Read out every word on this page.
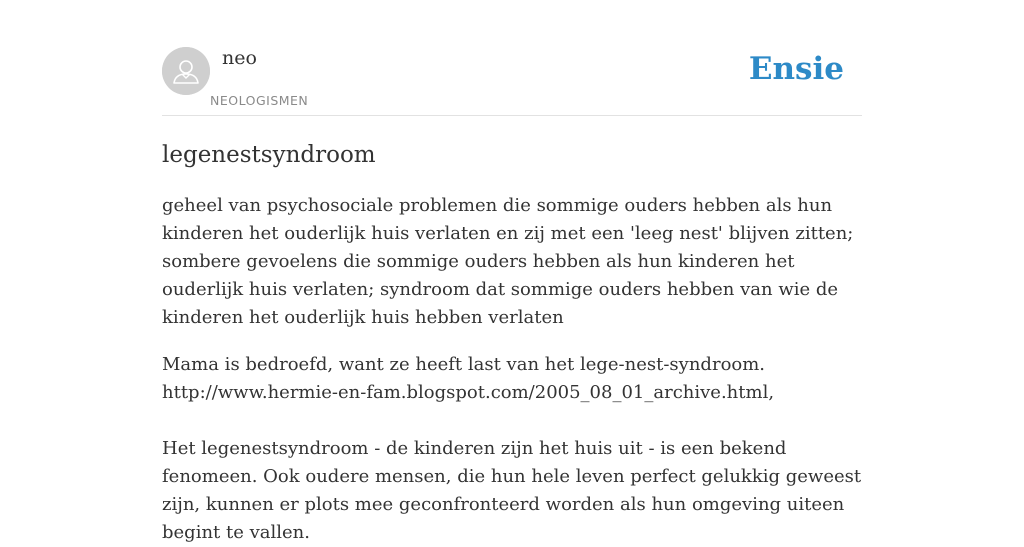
neo
NEOLOGISMEN
Ensie
legenestsyndroom
geheel van psychosociale problemen die sommige ouders hebben als hun kinderen het ouderlijk huis verlaten en zij met een 'leeg nest' blijven zitten; sombere gevoelens die sommige ouders hebben als hun kinderen het ouderlijk huis verlaten; syndroom dat sommige ouders hebben van wie de kinderen het ouderlijk huis hebben verlaten

Mama is bedroefd, want ze heeft last van het lege-nest-syndroom.

http://www.hermie-en-fam.blogspot.com/2005_08_01_archive.html,

Het legenestsyndroom - de kinderen zijn het huis uit - is een bekend fenomeen. Ook oudere mensen, die hun hele leven perfect gelukkig geweest zijn, kunnen er plots mee geconfronteerd worden als hun omgeving uiteen begint te vallen.
